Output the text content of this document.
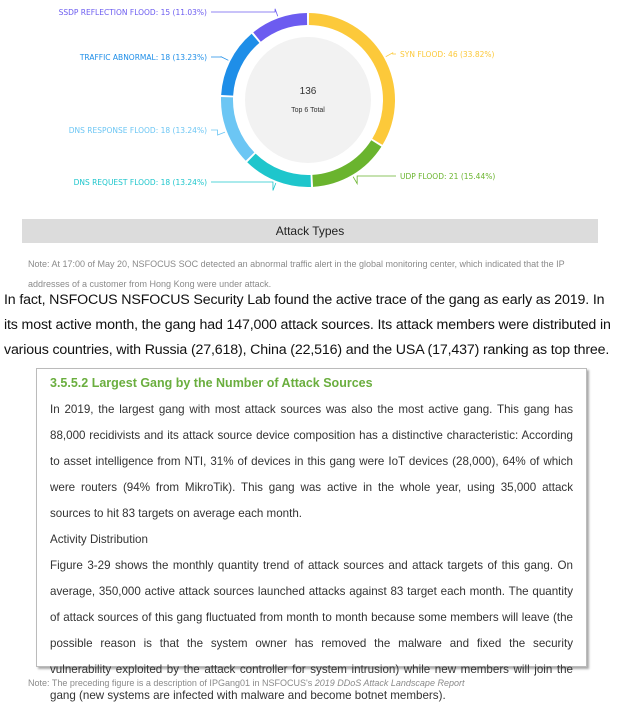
SYN FLOOD: 46 (33.82%)
UDP FLOOD: 21 (15.44%)
DNS REQUEST FLOOD: 18 (13.24%)
DNS RESPONSE FLOOD: 18 (13.24%)
TRAFFIC ABNORMAL: 18 (13.23%)
SSDP REFLECTION FLOOD: 15 (11.03%)
136
Top 6 Total
Attack Types
Note: At 17:00 of May 20, NSFOCUS SOC detected an abnormal traffic alert in the global monitoring center, which indicated that the IP addresses of a customer from Hong Kong were under attack.
In fact, NSFOCUS NSFOCUS Security Lab found the active trace of the gang as early as 2019. In its most active month, the gang had 147,000 attack sources. Its attack members were distributed in various countries, with Russia (27,618), China (22,516) and the USA (17,437) ranking as top three.
3.5.5.2 Largest Gang by the Number of Attack Sources

In 2019, the largest gang with most attack sources was also the most active gang. This gang has 88,000 recidivists and its attack source device composition has a distinctive characteristic: According to asset intelligence from NTI, 31% of devices in this gang were IoT devices (28,000), 64% of which were routers (94% from MikroTik). This gang was active in the whole year, using 35,000 attack sources to hit 83 targets on average each month.

Activity Distribution

Figure 3-29 shows the monthly quantity trend of attack sources and attack targets of this gang. On average, 350,000 active attack sources launched attacks against 83 target each month. The quantity of attack sources of this gang fluctuated from month to month because some members will leave (the possible reason is that the system owner has removed the malware and fixed the security vulnerability exploited by the attack controller for system intrusion) while new members will join the gang (new systems are infected with malware and become botnet members).

Note: The preceding figure is a description of IPGang01 in NSFOCUS's 2019 DDoS Attack Landscape Report
